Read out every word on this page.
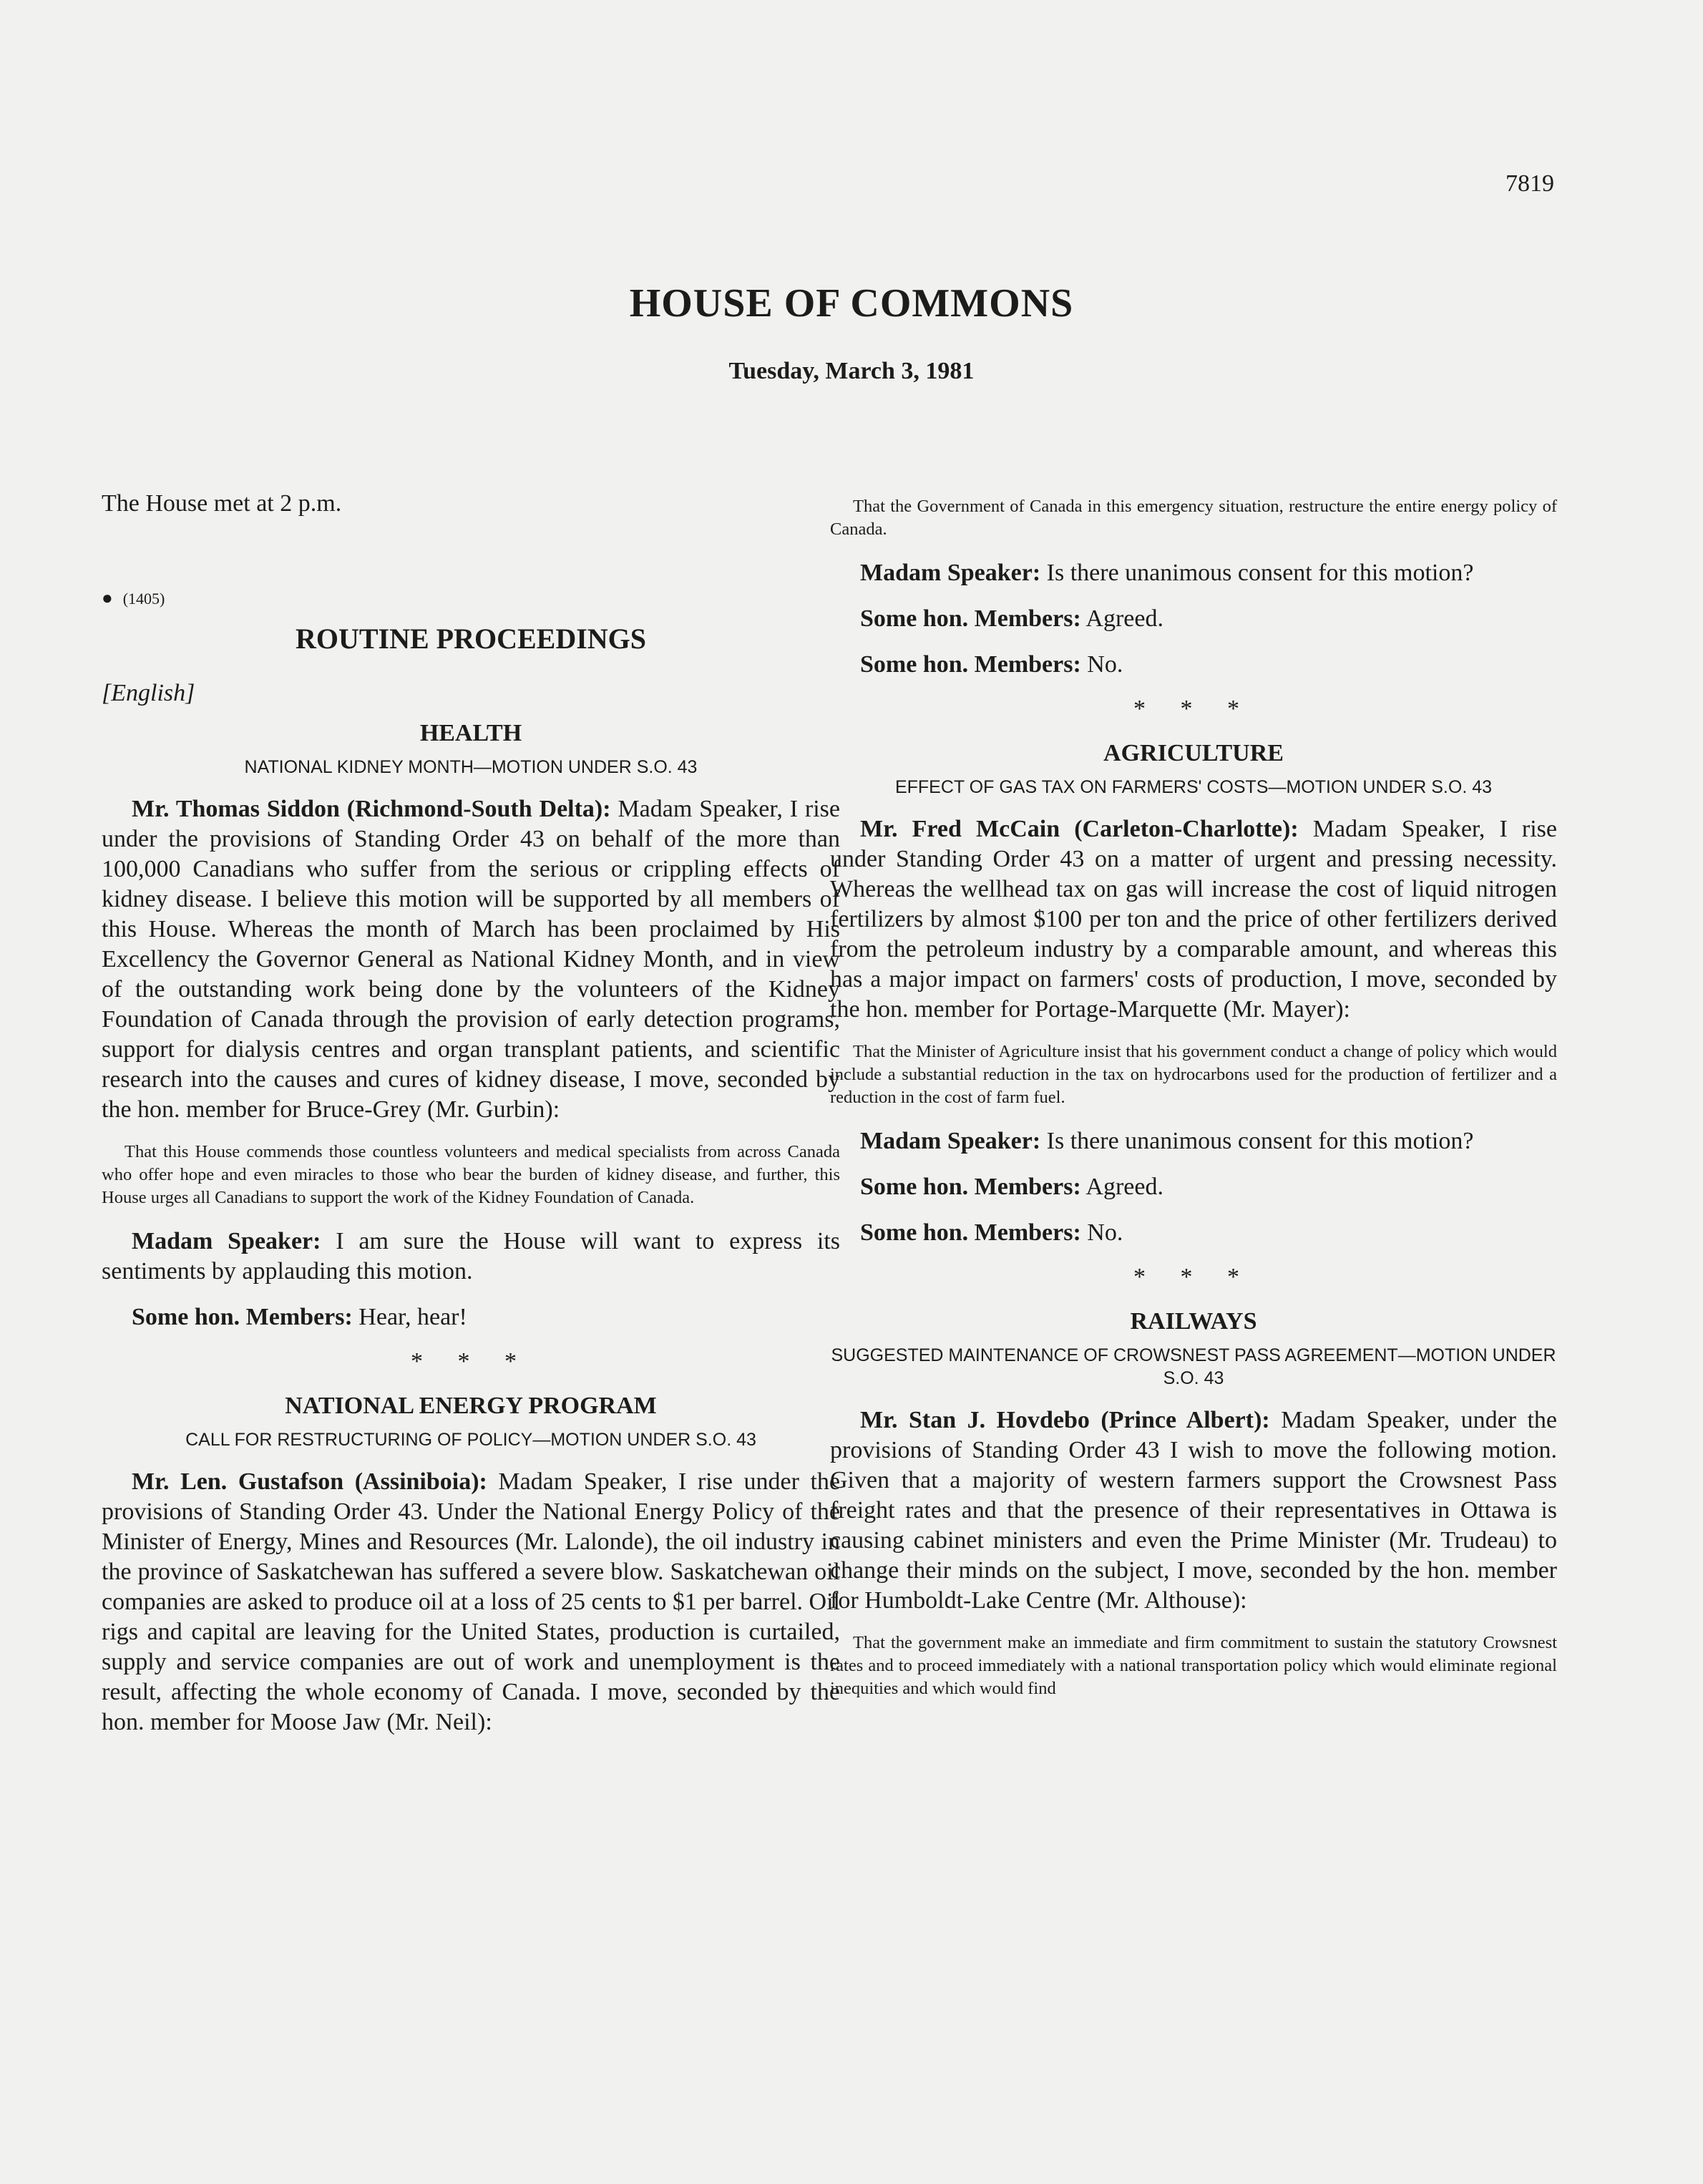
7819
HOUSE OF COMMONS
Tuesday, March 3, 1981
The House met at 2 p.m.
● (1405)
ROUTINE PROCEEDINGS
[English]
HEALTH
NATIONAL KIDNEY MONTH—MOTION UNDER S.O. 43

Mr. Thomas Siddon (Richmond-South Delta): Madam Speaker, I rise under the provisions of Standing Order 43 on behalf of the more than 100,000 Canadians who suffer from the serious or crippling effects of kidney disease. I believe this motion will be supported by all members of this House. Whereas the month of March has been proclaimed by His Excellency the Governor General as National Kidney Month, and in view of the outstanding work being done by the volunteers of the Kidney Foundation of Canada through the provision of early detection programs, support for dialysis centres and organ transplant patients, and scientific research into the causes and cures of kidney disease, I move, seconded by the hon. member for Bruce-Grey (Mr. Gurbin):

That this House commends those countless volunteers and medical specialists from across Canada who offer hope and even miracles to those who bear the burden of kidney disease, and further, this House urges all Canadians to support the work of the Kidney Foundation of Canada.

Madam Speaker: I am sure the House will want to express its sentiments by applauding this motion.

Some hon. Members: Hear, hear!

* * *
NATIONAL ENERGY PROGRAM
CALL FOR RESTRUCTURING OF POLICY—MOTION UNDER S.O. 43

Mr. Len. Gustafson (Assiniboia): Madam Speaker, I rise under the provisions of Standing Order 43. Under the National Energy Policy of the Minister of Energy, Mines and Resources (Mr. Lalonde), the oil industry in the province of Saskatchewan has suffered a severe blow. Saskatchewan oil companies are asked to produce oil at a loss of 25 cents to $1 per barrel. Oil rigs and capital are leaving for the United States, production is curtailed, supply and service companies are out of work and unemployment is the result, affecting the whole economy of Canada. I move, seconded by the hon. member for Moose Jaw (Mr. Neil):

That the Government of Canada in this emergency situation, restructure the entire energy policy of Canada.

Madam Speaker: Is there unanimous consent for this motion?

Some hon. Members: Agreed.

Some hon. Members: No.

* * *
AGRICULTURE
EFFECT OF GAS TAX ON FARMERS' COSTS—MOTION UNDER S.O. 43

Mr. Fred McCain (Carleton-Charlotte): Madam Speaker, I rise under Standing Order 43 on a matter of urgent and pressing necessity. Whereas the wellhead tax on gas will increase the cost of liquid nitrogen fertilizers by almost $100 per ton and the price of other fertilizers derived from the petroleum industry by a comparable amount, and whereas this has a major impact on farmers' costs of production, I move, seconded by the hon. member for Portage-Marquette (Mr. Mayer):

That the Minister of Agriculture insist that his government conduct a change of policy which would include a substantial reduction in the tax on hydrocarbons used for the production of fertilizer and a reduction in the cost of farm fuel.

Madam Speaker: Is there unanimous consent for this motion?

Some hon. Members: Agreed.

Some hon. Members: No.

* * *
RAILWAYS
SUGGESTED MAINTENANCE OF CROWSNEST PASS AGREEMENT—MOTION UNDER S.O. 43

Mr. Stan J. Hovdebo (Prince Albert): Madam Speaker, under the provisions of Standing Order 43 I wish to move the following motion. Given that a majority of western farmers support the Crowsnest Pass freight rates and that the presence of their representatives in Ottawa is causing cabinet ministers and even the Prime Minister (Mr. Trudeau) to change their minds on the subject, I move, seconded by the hon. member for Humboldt-Lake Centre (Mr. Althouse):

That the government make an immediate and firm commitment to sustain the statutory Crowsnest rates and to proceed immediately with a national transportation policy which would eliminate regional inequities and which would find
